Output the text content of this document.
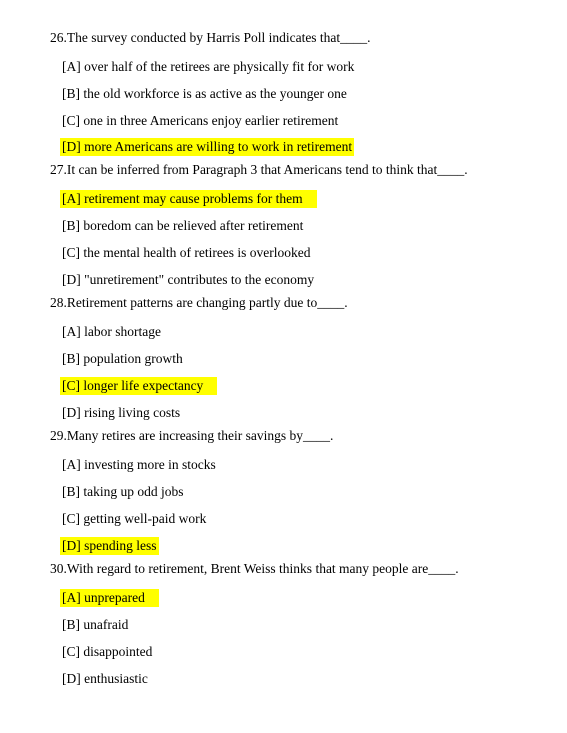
26.The survey conducted by Harris Poll indicates that____.
[A] over half of the retirees are physically fit for work
[B] the old workforce is as active as the younger one
[C] one in three Americans enjoy earlier retirement
[D] more Americans are willing to work in retirement
27.It can be inferred from Paragraph 3 that Americans tend to think that____.
[A] retirement may cause problems for them
[B] boredom can be relieved after retirement
[C] the mental health of retirees is overlooked
[D] "unretirement" contributes to the economy
28.Retirement patterns are changing partly due to____.
[A] labor shortage
[B] population growth
[C] longer life expectancy
[D] rising living costs
29.Many retires are increasing their savings by____.
[A] investing more in stocks
[B] taking up odd jobs
[C] getting well-paid work
[D] spending less
30.With regard to retirement, Brent Weiss thinks that many people are____.
[A] unprepared
[B] unafraid
[C] disappointed
[D] enthusiastic
